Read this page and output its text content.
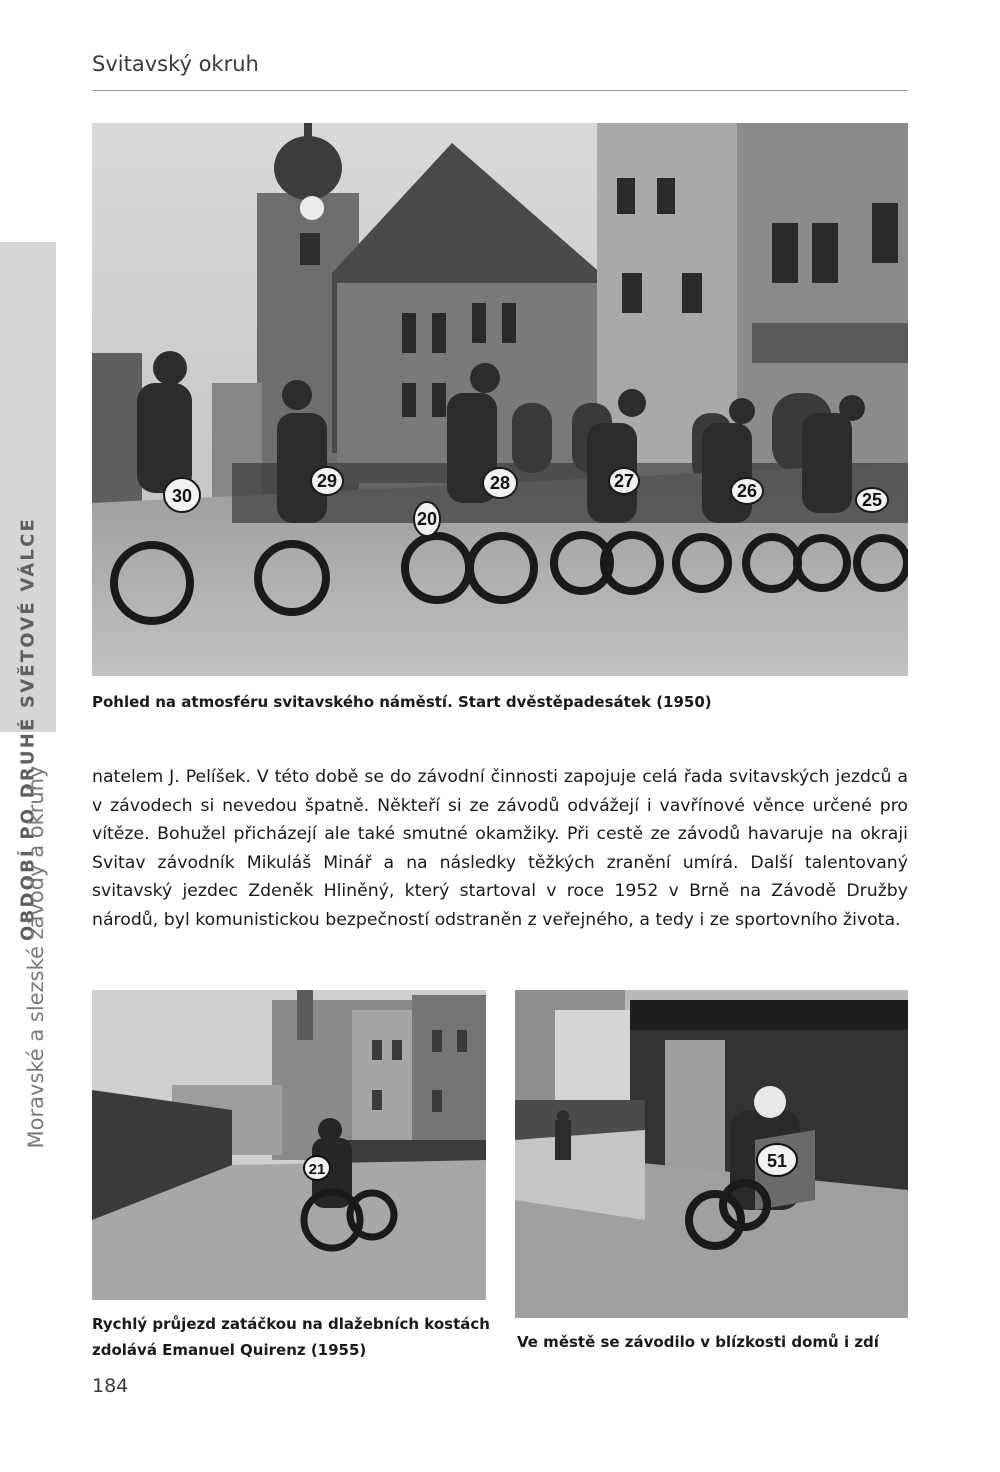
Svitavský okruh
OBDOBÍ PO DRUHÉ SVĚTOVÉ VÁLCE
Moravské a slezské závody a okruhy
30
29
20
28	27	26	25
Pohled na atmosféru svitavského náměstí. Start dvěstěpadesátek (1950)

natelem J. Pelíšek. V této době se do závodní činnosti zapojuje celá řada svitavských jezdců a v závodech si nevedou špatně. Někteří si ze závodů odvážejí i vavřínové věnce určené pro vítěze. Bohužel přicházejí ale také smutné okamžiky. Při cestě ze závodů havaruje na okraji Svitav závodník Mikuláš Minář a na následky těžkých zranění umírá. Další talentovaný svitavský jezdec Zdeněk Hliněný, který startoval v roce 1952 v Brně na Závodě Družby národů, byl komunistickou bezpečností odstraněn z veřejného, a tedy i ze sportovního života.

21
Rychlý průjezd zatáčkou na dlažebních kostách
zdolává Emanuel Quirenz (1955)
51
Ve městě se závodilo v blízkosti domů i zdí
184
